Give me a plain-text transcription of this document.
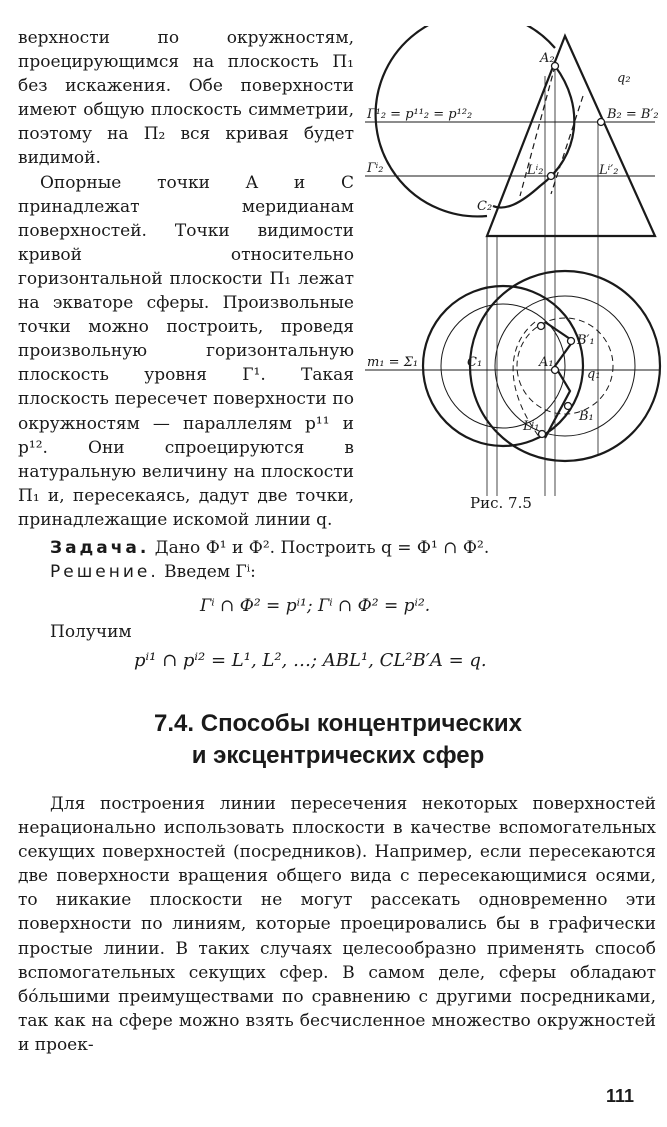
верхности по окружностям, проецирующимся на плоскость П₁ без искажения. Обе поверхности имеют общую плоскость симметрии, поэтому на П₂ вся кривая будет видимой.

Опорные точки A и C принадлежат меридианам поверхностей. Точки видимости кривой относительно горизонтальной плоскости П₁ лежат на экваторе сферы. Произвольные точки можно построить, проведя произвольную горизонтальную плоскость уровня Г¹. Такая плоскость пересечет поверхности по окружностям — параллелям p¹¹ и p¹². Они спроецируются в натуральную величину на плоскости П₁ и, пересекаясь, дадут две точки, принадлежащие искомой линии q.

A₂
q₂
B₂ = B′₂
C₂
Lⁱ₂	Lⁱ′₂
Г¹₂ = p¹¹₂ = p¹²₂
Гⁱ₂
m₁ = Σ₁	C₁	A₁
B′₁
q₁
B₁
Lⁱ₁
Рис. 7.5
Задача. Дано Ф¹ и Ф². Построить q = Ф¹ ∩ Ф².
Решение. Введем Гⁱ:
Гⁱ ∩ Ф² = pⁱ¹; Гⁱ ∩ Ф² = pⁱ².
Получим
pⁱ¹ ∩ pⁱ² = L¹, L², …; ABL¹, CL²B′A = q.
7.4. Способы концентрических
и эксцентрических сфер

Для построения линии пересечения некоторых поверхностей нерационально использовать плоскости в качестве вспомогательных секущих поверхностей (посредников). Например, если пересекаются две поверхности вращения общего вида с пересекающимися осями, то никакие плоскости не могут рассекать одновременно эти поверхности по линиям, которые проецировались бы в графически простые линии. В таких случаях целесообразно применять способ вспомогательных секущих сфер. В самом деле, сферы обладают бóльшими преимуществами по сравнению с другими посредниками, так как на сфере можно взять бесчисленное множество окружностей и проек-

111
